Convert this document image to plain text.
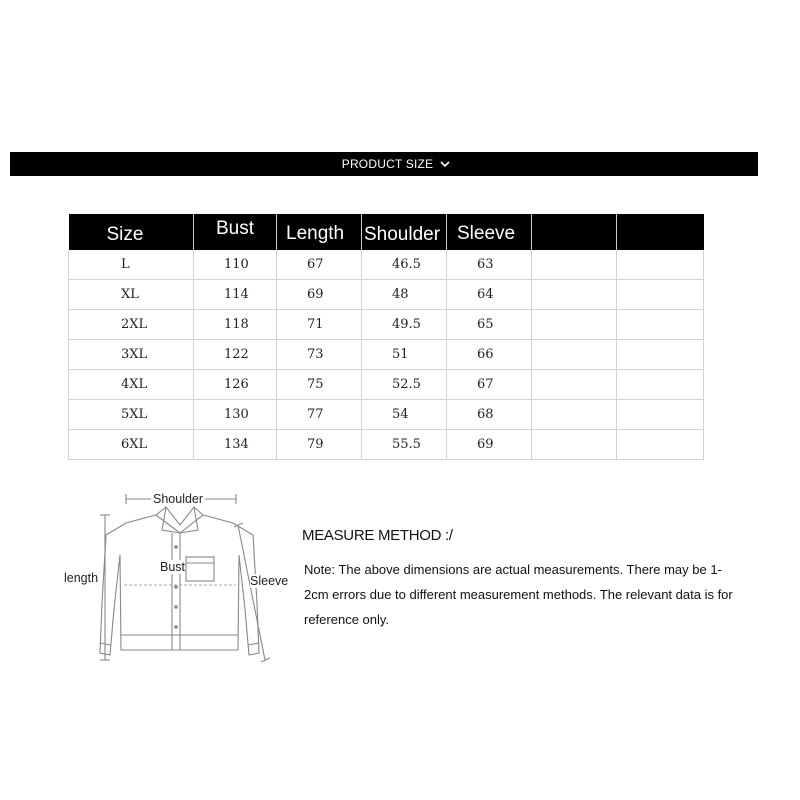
PRODUCT SIZE
Size	Bust	Length	Shoulder	Sleeve		
L	110	67	46.5	63		
XL	114	69	48	64		
2XL	118	71	49.5	65		
3XL	122	73	51	66		
4XL	126	75	52.5	67		
5XL	130	77	54	68		
6XL	134	79	55.5	69		
Shoulder
Bust
length	Sleeve
MEASURE METHOD :/
Note: The above dimensions are actual measurements. There may be 1-2cm errors due to different measurement methods. The relevant data is for reference only.
